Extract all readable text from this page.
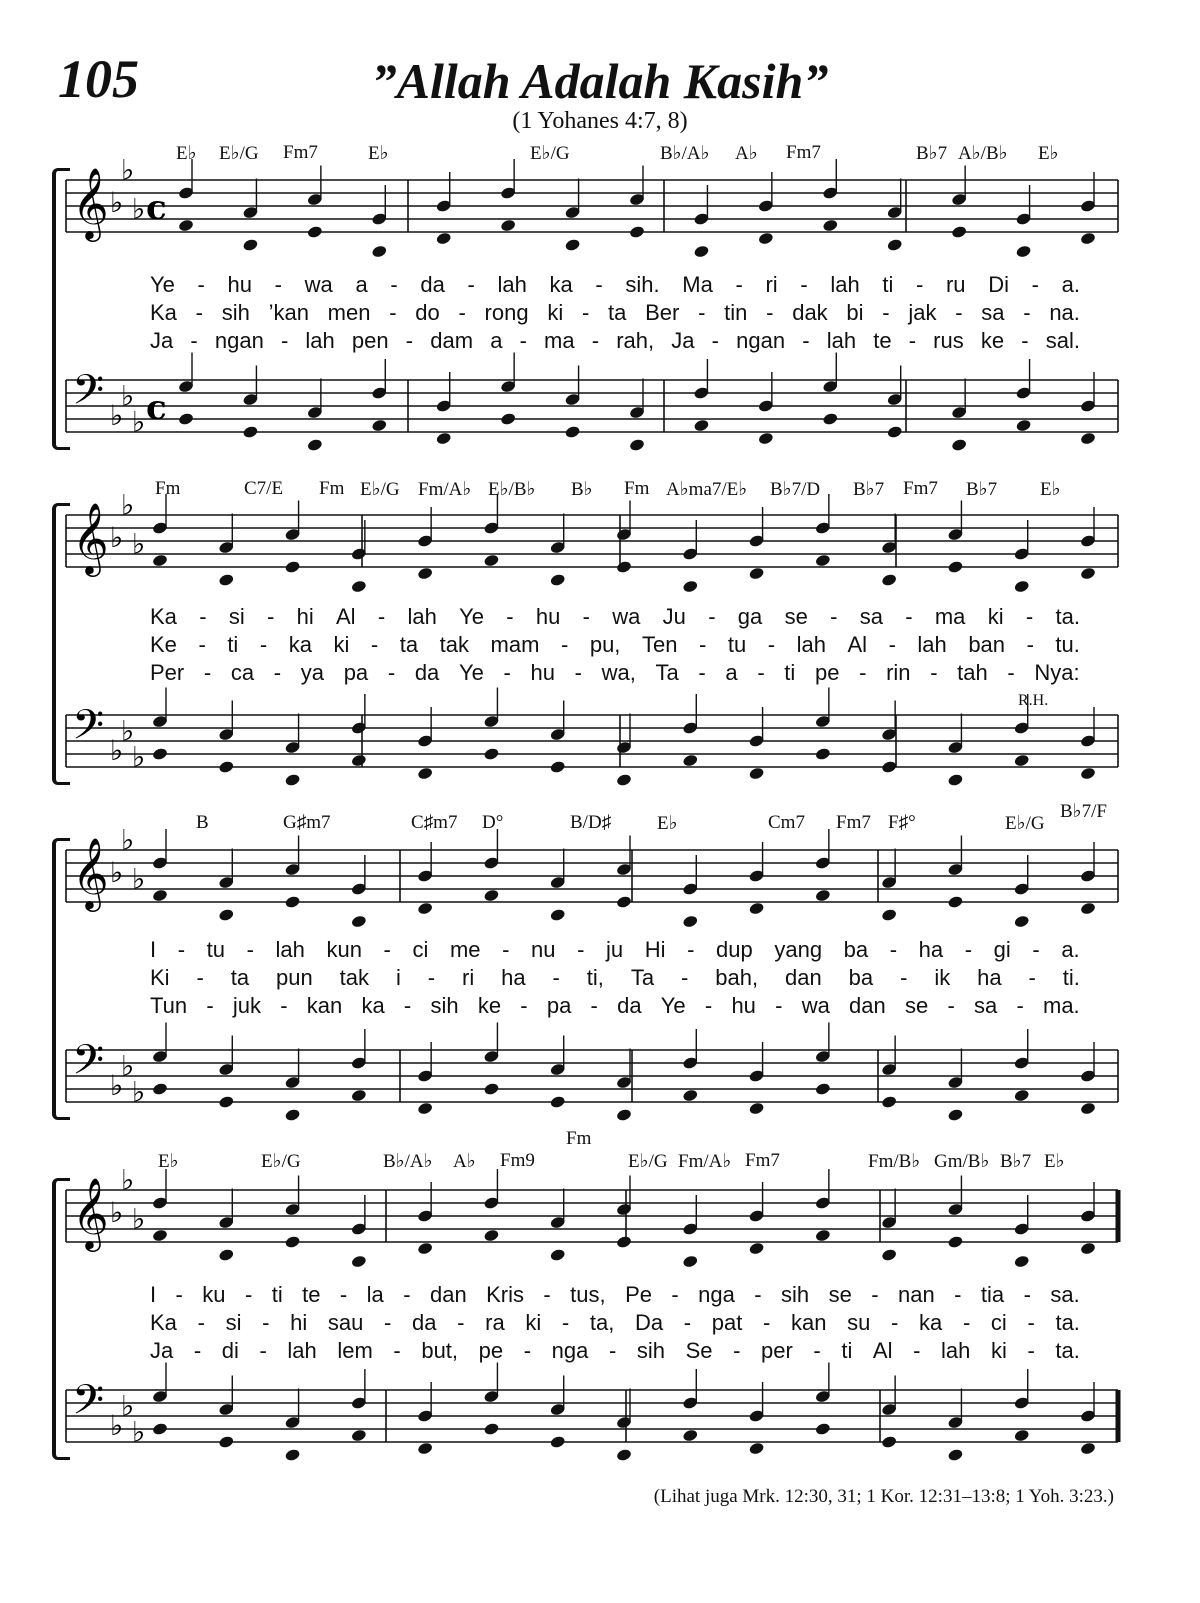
105	”Allah Adalah Kasih”
(1 Yohanes 4:7, 8)
(Lihat juga Mrk. 12:30, 31; 1 Kor. 12:31–13:8; 1 Yoh. 3:23.)
𝄞 ♭
♭
♭ c
𝄢 ♭
♭
♭ c
E♭ E♭/G Fm7	E♭	E♭/G	B♭/A♭ A♭ Fm7	B♭7 A♭/B♭ E♭
Ye - hu - wa a - da - lah ka - sih. Ma - ri - lah ti - ru Di - a.
Ka - sih ’kan men - do - rong ki - ta Ber - tin - dak bi - jak - sa - na.
Ja - ngan - lah pen - dam a - ma - rah, Ja - ngan - lah te - rus ke - sal.
𝄞 ♭
♭
♭
𝄢 ♭
♭
♭
Fm	C7/E Fm E♭/G Fm/A♭ E♭/B♭ B♭ Fm A♭ma7/E♭ B♭7/D B♭7 Fm7 B♭7 E♭
Ka - si - hi Al - lah Ye - hu - wa Ju - ga se - sa - ma ki - ta.
Ke - ti - ka ki - ta tak mam - pu, Ten - tu - lah Al - lah ban - tu.
Per - ca - ya pa - da Ye - hu - wa, Ta - a - ti pe - rin - tah - Nya:
R.H.
𝄞 ♭
♭
♭
𝄢 ♭
♭
♭
B	G♯m7	C♯m7 D°	B/D♯ E♭	Cm7 Fm7 F♯°	E♭/G
B♭7/F
I - tu - lah kun - ci me - nu - ju Hi - dup yang ba - ha - gi - a.
Ki - ta pun tak i - ri ha - ti, Ta - bah, dan ba - ik ha - ti.
Tun - juk - kan ka - sih ke - pa - da Ye - hu - wa dan se - sa - ma.
𝄞 ♭
♭
♭
𝄢 ♭
♭
♭
E♭	E♭/G	B♭/A♭ A♭ Fm9
Fm
E♭/G Fm/A♭ Fm7	Fm/B♭ Gm/B♭ B♭7 E♭
I - ku - ti te - la - dan Kris - tus, Pe - nga - sih se - nan - tia - sa.
Ka - si - hi sau - da - ra ki - ta, Da - pat - kan su - ka - ci - ta.
Ja - di - lah lem - but, pe - nga - sih Se - per - ti Al - lah ki - ta.
